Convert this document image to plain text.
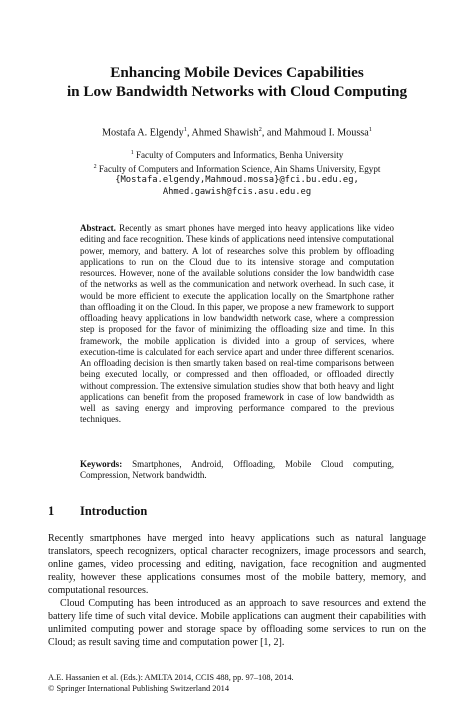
Enhancing Mobile Devices Capabilities
in Low Bandwidth Networks with Cloud Computing
Mostafa A. Elgendy$^1$, Ahmed Shawish$^2$, and Mahmoud I. Moussa$^1$
$^1$ Faculty of Computers and Informatics, Benha University
$^2$ Faculty of Computers and Information Science, Ain Shams University, Egypt
{Mostafa.elgendy,Mahmoud.mossa}@fci.bu.edu.eg,
Ahmed.gawish@fcis.asu.edu.eg
Abstract. Recently as smart phones have merged into heavy applications like video editing and face recognition. These kinds of applications need intensive computational power, memory, and battery. A lot of researches solve this problem by offloading applications to run on the Cloud due to its intensive storage and computation resources. However, none of the available solutions consider the low bandwidth case of the networks as well as the communication and network overhead. In such case, it would be more efficient to execute the application locally on the Smartphone rather than offloading it on the Cloud. In this paper, we propose a new framework to support offloading heavy applications in low bandwidth network case, where a compression step is proposed for the favor of minimizing the offloading size and time. In this framework, the mobile application is divided into a group of services, where execution-time is calculated for each service apart and under three different scenarios. An offloading decision is then smartly taken based on real-time comparisons between being executed locally, or compressed and then offloaded, or offloaded directly without compression. The extensive simulation studies show that both heavy and light applications can benefit from the proposed framework in case of low bandwidth as well as saving energy and improving performance compared to the previous techniques.
Keywords: Smartphones, Android, Offloading, Mobile Cloud computing, Compression, Network bandwidth.
1 Introduction

Recently smartphones have merged into heavy applications such as natural language translators, speech recognizers, optical character recognizers, image processors and search, online games, video processing and editing, navigation, face recognition and augmented reality, however these applications consumes most of the mobile battery, memory, and computational resources.

Cloud Computing has been introduced as an approach to save resources and extend the battery life time of such vital device. Mobile applications can augment their capabilities with unlimited computing power and storage space by offloading some services to run on the Cloud; as result saving time and computation power [1, 2].

A.E. Hassanien et al. (Eds.): AMLTA 2014, CCIS 488, pp. 97–108, 2014.
© Springer International Publishing Switzerland 2014
